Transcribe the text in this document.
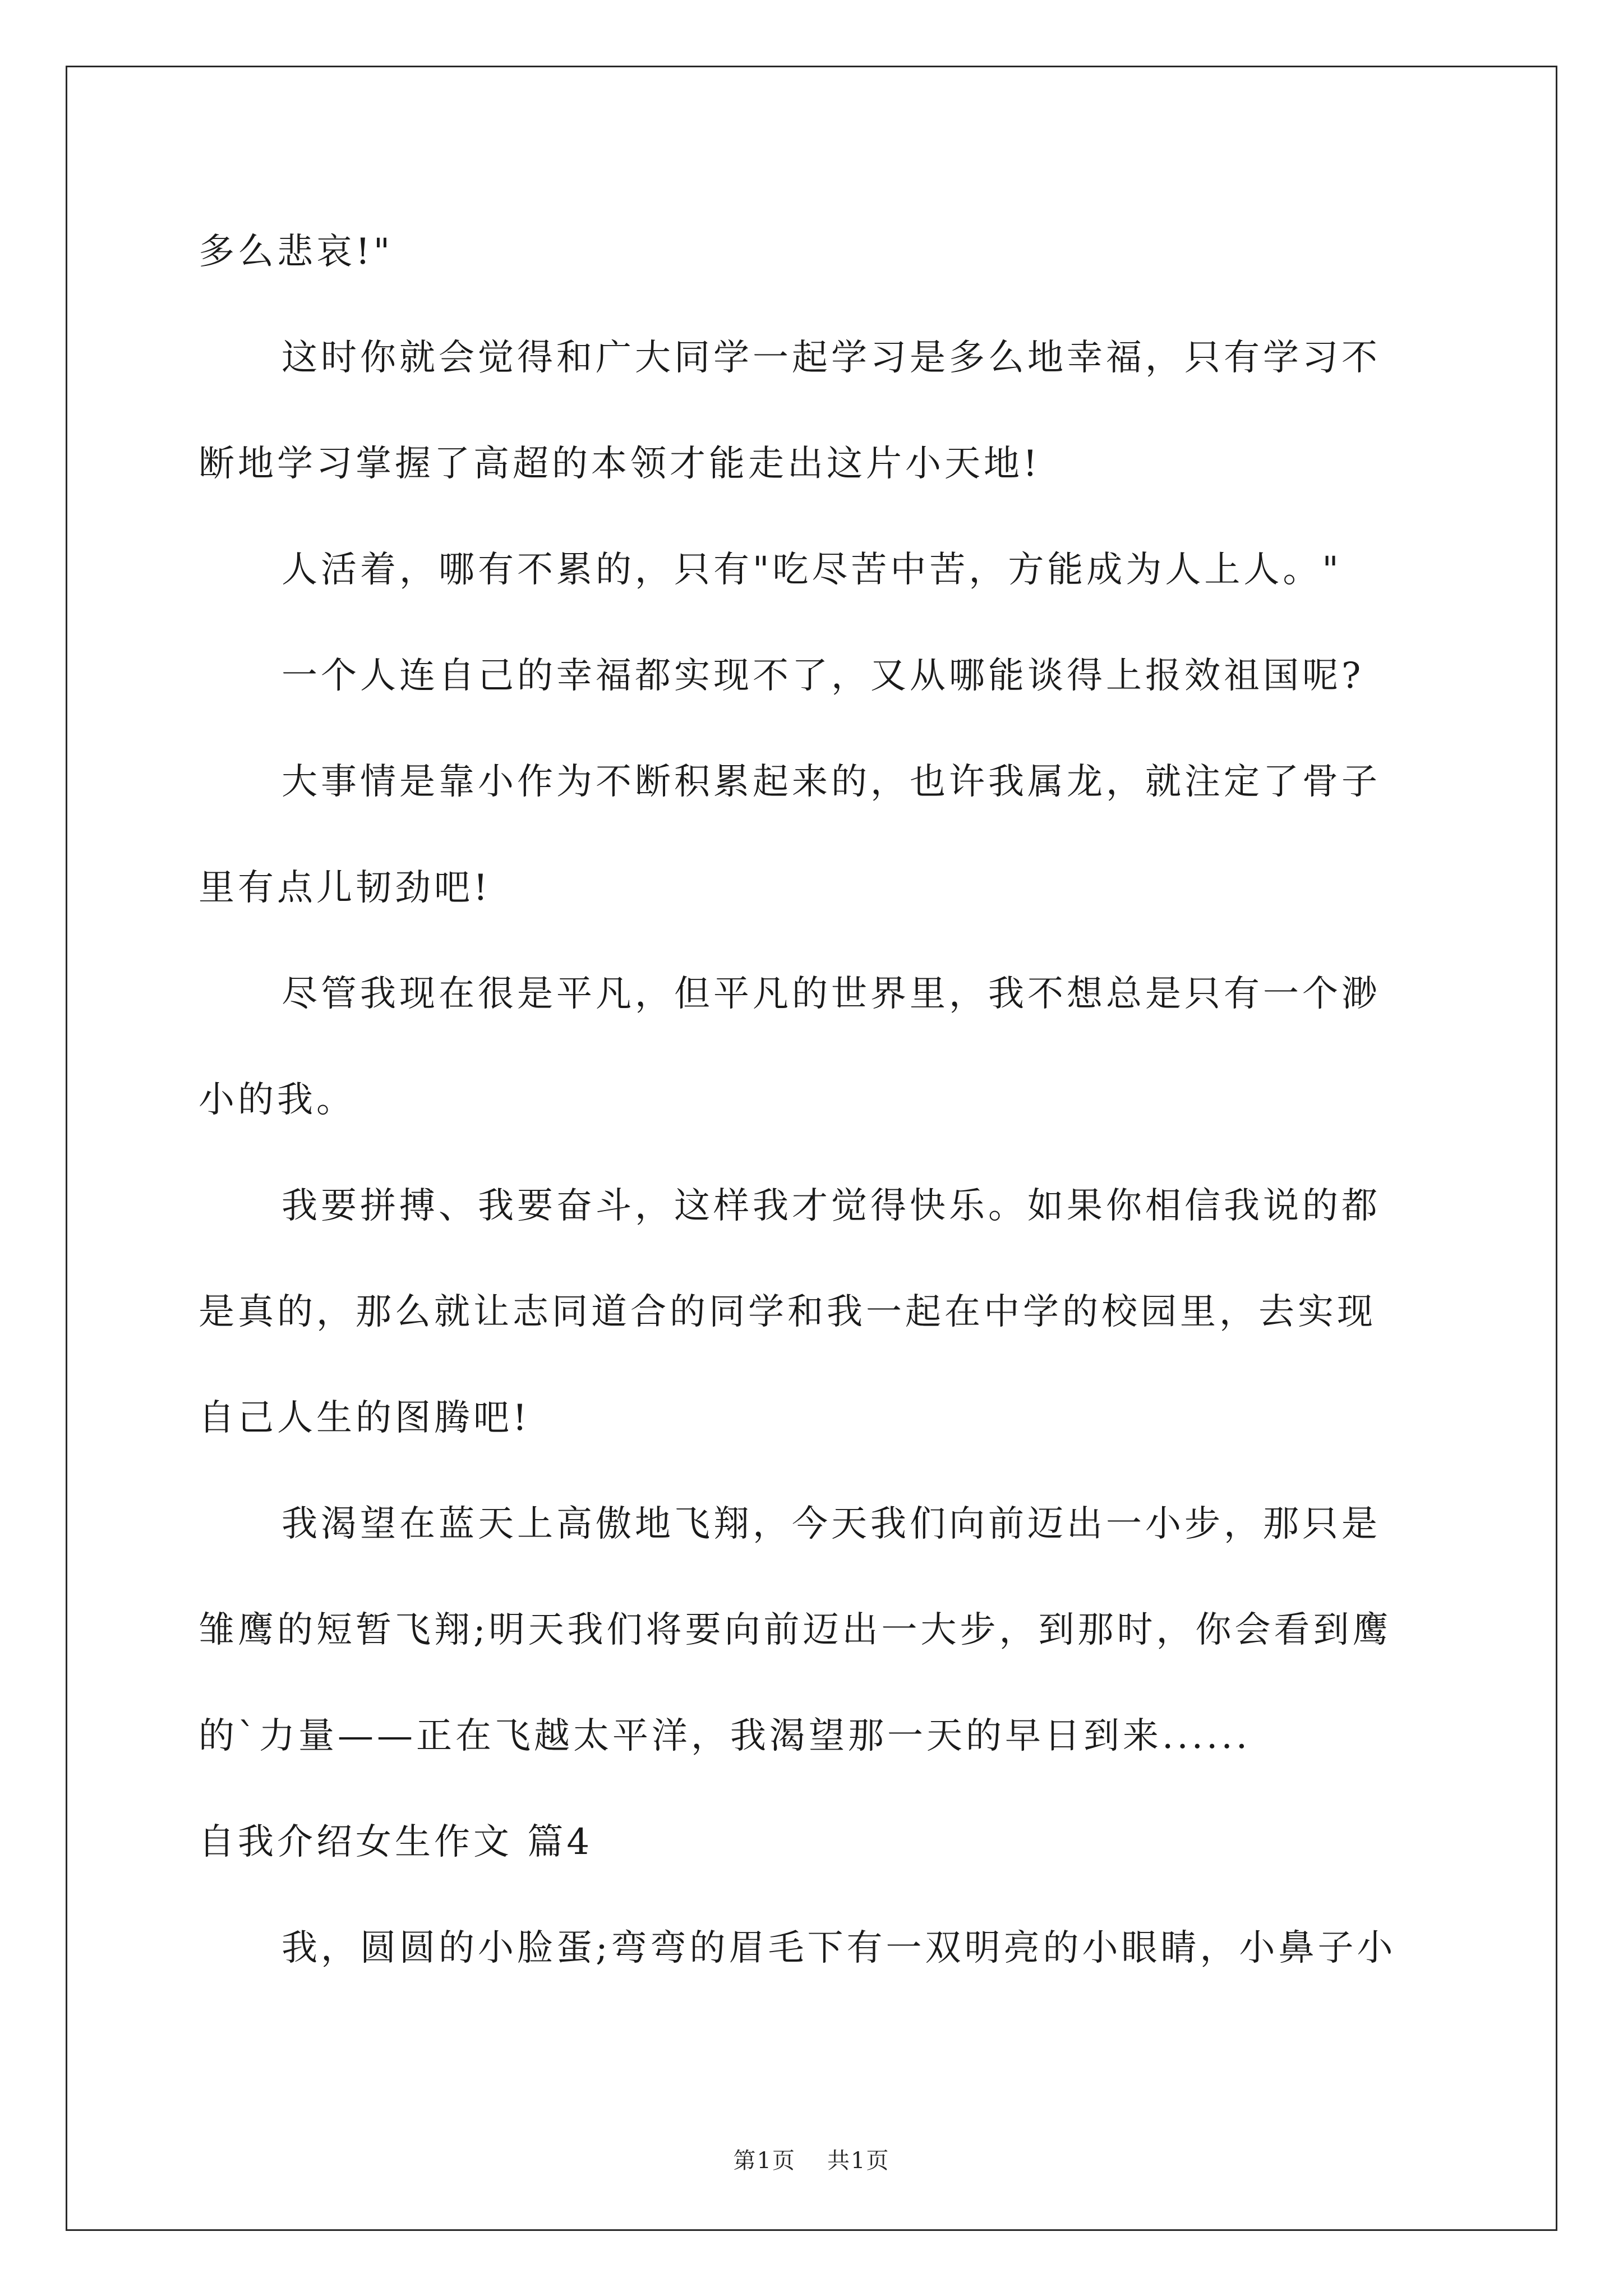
多么悲哀!"
这时你就会觉得和广大同学一起学习是多么地幸福，只有学习不
断地学习掌握了高超的本领才能走出这片小天地!
人活着，哪有不累的，只有"吃尽苦中苦，方能成为人上人。"
一个人连自己的幸福都实现不了，又从哪能谈得上报效祖国呢?
大事情是靠小作为不断积累起来的，也许我属龙，就注定了骨子
里有点儿韧劲吧!
尽管我现在很是平凡，但平凡的世界里，我不想总是只有一个渺
小的我。
我要拼搏、我要奋斗，这样我才觉得快乐。如果你相信我说的都
是真的，那么就让志同道合的同学和我一起在中学的校园里，去实现
自己人生的图腾吧!
我渴望在蓝天上高傲地飞翔，今天我们向前迈出一小步，那只是
雏鹰的短暂飞翔;明天我们将要向前迈出一大步，到那时，你会看到鹰
的`力量——正在飞越太平洋，我渴望那一天的早日到来......
自我介绍女生作文 篇4
我，圆圆的小脸蛋;弯弯的眉毛下有一双明亮的小眼睛，小鼻子小
第1页 共1页
